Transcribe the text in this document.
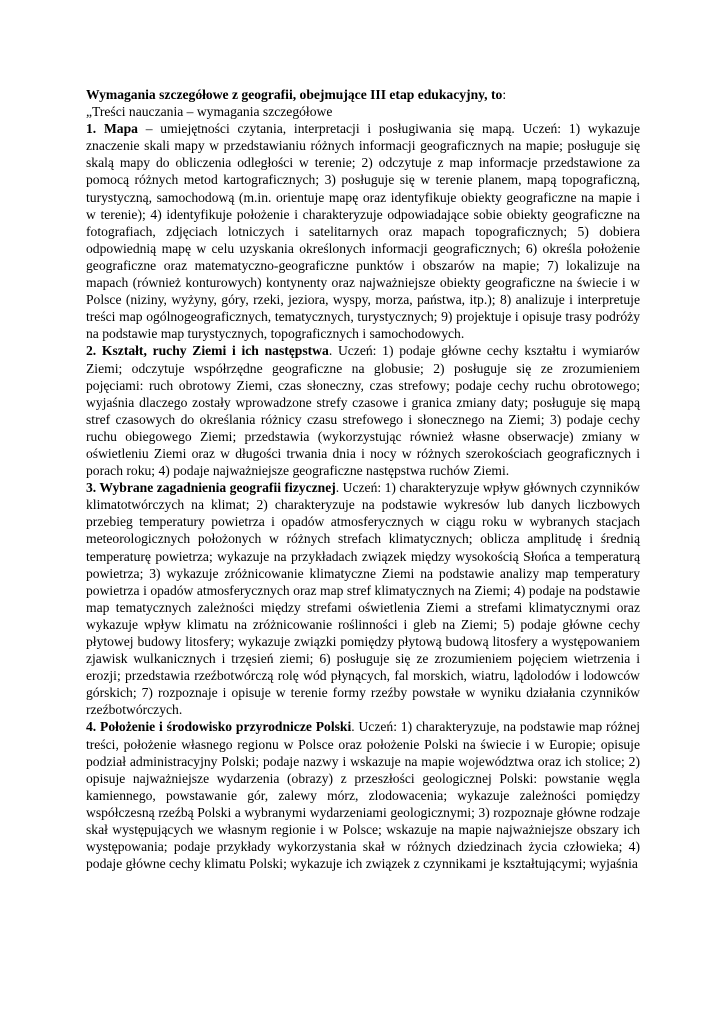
Wymagania szczegółowe z geografii, obejmujące III etap edukacyjny, to:

„Treści nauczania – wymagania szczegółowe

1. Mapa – umiejętności czytania, interpretacji i posługiwania się mapą. Uczeń: 1) wykazuje znaczenie skali mapy w przedstawianiu różnych informacji geograficznych na mapie; posługuje się skalą mapy do obliczenia odległości w terenie; 2) odczytuje z map informacje przedstawione za pomocą różnych metod kartograficznych; 3) posługuje się w terenie planem, mapą topograficzną, turystyczną, samochodową (m.in. orientuje mapę oraz identyfikuje obiekty geograficzne na mapie i w terenie); 4) identyfikuje położenie i charakteryzuje odpowiadające sobie obiekty geograficzne na fotografiach, zdjęciach lotniczych i satelitarnych oraz mapach topograficznych; 5) dobiera odpowiednią mapę w celu uzyskania określonych informacji geograficznych; 6) określa położenie geograficzne oraz matematyczno-geograficzne punktów i obszarów na mapie; 7) lokalizuje na mapach (również konturowych) kontynenty oraz najważniejsze obiekty geograficzne na świecie i w Polsce (niziny, wyżyny, góry, rzeki, jeziora, wyspy, morza, państwa, itp.); 8) analizuje i interpretuje treści map ogólnogeograficznych, tematycznych, turystycznych; 9) projektuje i opisuje trasy podróży na podstawie map turystycznych, topograficznych i samochodowych.

2. Kształt, ruchy Ziemi i ich następstwa. Uczeń: 1) podaje główne cechy kształtu i wymiarów Ziemi; odczytuje współrzędne geograficzne na globusie; 2) posługuje się ze zrozumieniem pojęciami: ruch obrotowy Ziemi, czas słoneczny, czas strefowy; podaje cechy ruchu obrotowego; wyjaśnia dlaczego zostały wprowadzone strefy czasowe i granica zmiany daty; posługuje się mapą stref czasowych do określania różnicy czasu strefowego i słonecznego na Ziemi; 3) podaje cechy ruchu obiegowego Ziemi; przedstawia (wykorzystując również własne obserwacje) zmiany w oświetleniu Ziemi oraz w długości trwania dnia i nocy w różnych szerokościach geograficznych i porach roku; 4) podaje najważniejsze geograficzne następstwa ruchów Ziemi.

3. Wybrane zagadnienia geografii fizycznej. Uczeń: 1) charakteryzuje wpływ głównych czynników klimatotwórczych na klimat; 2) charakteryzuje na podstawie wykresów lub danych liczbowych przebieg temperatury powietrza i opadów atmosferycznych w ciągu roku w wybranych stacjach meteorologicznych położonych w różnych strefach klimatycznych; oblicza amplitudę i średnią temperaturę powietrza; wykazuje na przykładach związek między wysokością Słońca a temperaturą powietrza; 3) wykazuje zróżnicowanie klimatyczne Ziemi na podstawie analizy map temperatury powietrza i opadów atmosferycznych oraz map stref klimatycznych na Ziemi; 4) podaje na podstawie map tematycznych zależności między strefami oświetlenia Ziemi a strefami klimatycznymi oraz wykazuje wpływ klimatu na zróżnicowanie roślinności i gleb na Ziemi; 5) podaje główne cechy płytowej budowy litosfery; wykazuje związki pomiędzy płytową budową litosfery a występowaniem zjawisk wulkanicznych i trzęsień ziemi; 6) posługuje się ze zrozumieniem pojęciem wietrzenia i erozji; przedstawia rzeźbotwórczą rolę wód płynących, fal morskich, wiatru, lądolodów i lodowców górskich; 7) rozpoznaje i opisuje w terenie formy rzeźby powstałe w wyniku działania czynników rzeźbotwórczych.

4. Położenie i środowisko przyrodnicze Polski. Uczeń: 1) charakteryzuje, na podstawie map różnej treści, położenie własnego regionu w Polsce oraz położenie Polski na świecie i w Europie; opisuje podział administracyjny Polski; podaje nazwy i wskazuje na mapie województwa oraz ich stolice; 2) opisuje najważniejsze wydarzenia (obrazy) z przeszłości geologicznej Polski: powstanie węgla kamiennego, powstawanie gór, zalewy mórz, zlodowacenia; wykazuje zależności pomiędzy współczesną rzeźbą Polski a wybranymi wydarzeniami geologicznymi; 3) rozpoznaje główne rodzaje skał występujących we własnym regionie i w Polsce; wskazuje na mapie najważniejsze obszary ich występowania; podaje przykłady wykorzystania skał w różnych dziedzinach życia człowieka; 4) podaje główne cechy klimatu Polski; wykazuje ich związek z czynnikami je kształtującymi; wyjaśnia
